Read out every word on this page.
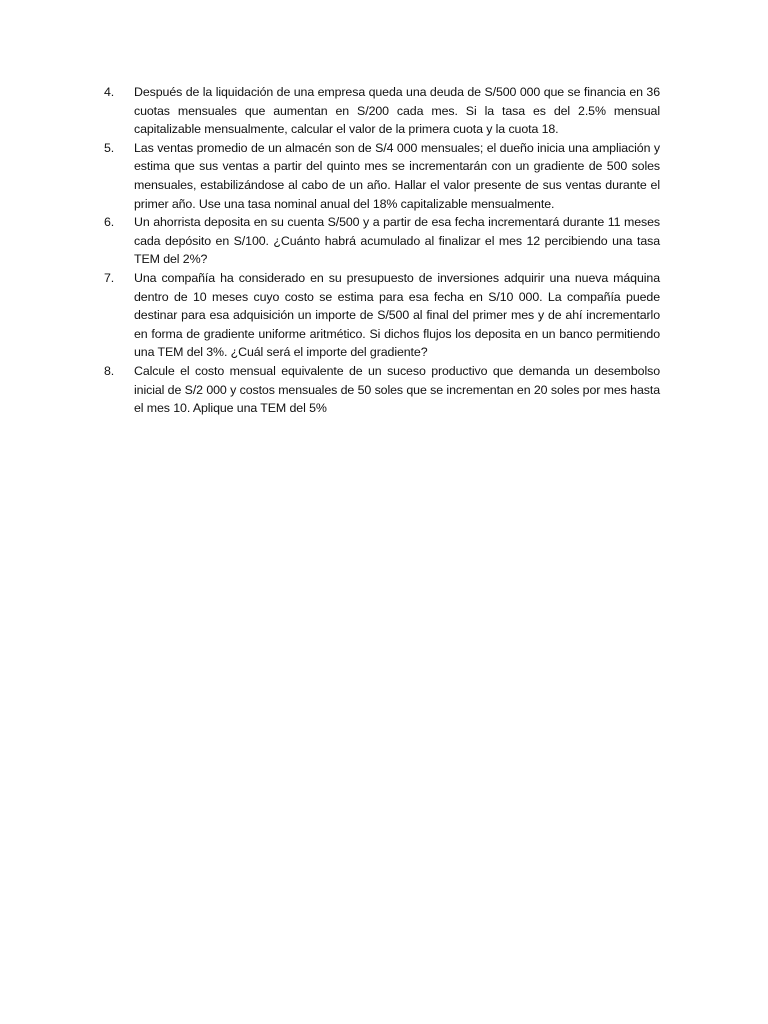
4.	Después de la liquidación de una empresa queda una deuda de S/500 000 que se financia en 36 cuotas mensuales que aumentan en S/200 cada mes. Si la tasa es del 2.5% mensual capitalizable mensualmente, calcular el valor de la primera cuota y la cuota 18.
5.	Las ventas promedio de un almacén son de S/4 000 mensuales; el dueño inicia una ampliación y estima que sus ventas a partir del quinto mes se incrementarán con un gradiente de 500 soles mensuales, estabilizándose al cabo de un año. Hallar el valor presente de sus ventas durante el primer año. Use una tasa nominal anual del 18% capitalizable mensualmente.
6.	Un ahorrista deposita en su cuenta S/500 y a partir de esa fecha incrementará durante 11 meses cada depósito en S/100. ¿Cuánto habrá acumulado al finalizar el mes 12 percibiendo una tasa TEM del 2%?
7.	Una compañía ha considerado en su presupuesto de inversiones adquirir una nueva máquina dentro de 10 meses cuyo costo se estima para esa fecha en S/10 000. La compañía puede destinar para esa adquisición un importe de S/500 al final del primer mes y de ahí incrementarlo en forma de gradiente uniforme aritmético. Si dichos flujos los deposita en un banco permitiendo una TEM del 3%. ¿Cuál será el importe del gradiente?
8.	Calcule el costo mensual equivalente de un suceso productivo que demanda un desembolso inicial de S/2 000 y costos mensuales de 50 soles que se incrementan en 20 soles por mes hasta el mes 10. Aplique una TEM del 5%
